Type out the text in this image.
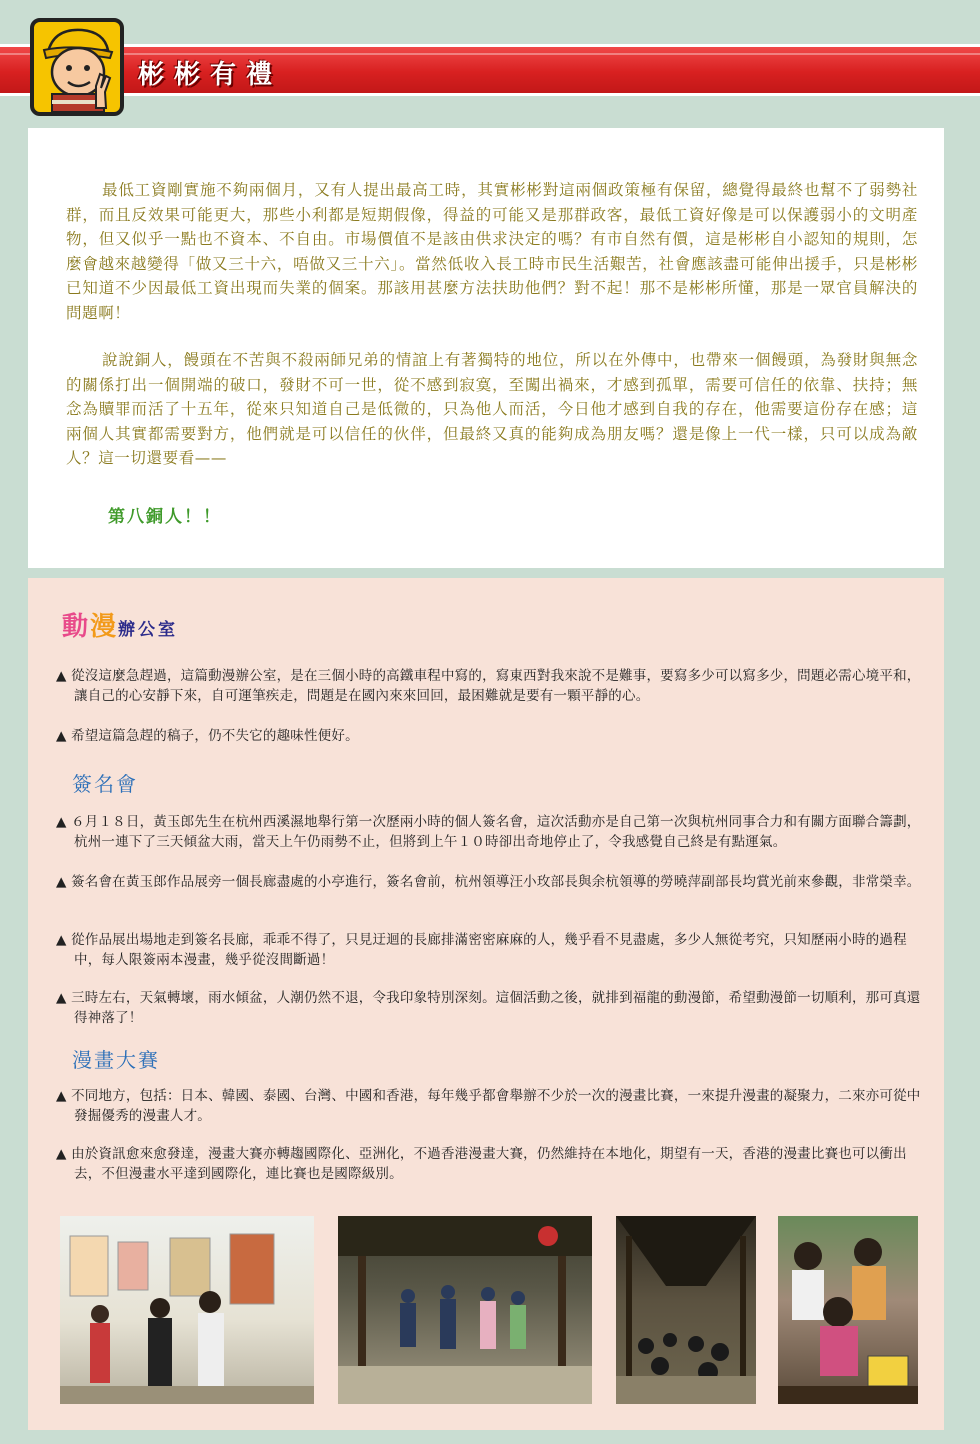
彬彬有禮

最低工資剛實施不夠兩個月，又有人提出最高工時，其實彬彬對這兩個政策極有保留，總覺得最終也幫不了弱勢社群，而且反效果可能更大，那些小利都是短期假像，得益的可能又是那群政客，最低工資好像是可以保護弱小的文明產物，但又似乎一點也不資本、不自由。市場價值不是該由供求決定的嗎？有市自然有價，這是彬彬自小認知的規則，怎麼會越來越變得「做又三十六，唔做又三十六」。當然低收入長工時市民生活艱苦，社會應該盡可能伸出援手，只是彬彬已知道不少因最低工資出現而失業的個案。那該用甚麼方法扶助他們？對不起！那不是彬彬所懂，那是一眾官員解決的問題啊！

說說銅人，饅頭在不苦與不殺兩師兄弟的情誼上有著獨特的地位，所以在外傳中，也帶來一個饅頭，為發財與無念的關係打出一個開端的破口，發財不可一世，從不感到寂寞，至闖出禍來，才感到孤單，需要可信任的依靠、扶持；無念為贖罪而活了十五年，從來只知道自己是低微的，只為他人而活，今日他才感到自我的存在，他需要這份存在感；這兩個人其實都需要對方，他們就是可以信任的伙伴，但最終又真的能夠成為朋友嗎？還是像上一代一樣，只可以成為敵人？這一切還要看——

第八銅人！！
動漫辦公室
▲ 從沒這麼急趕過，這篇動漫辦公室，是在三個小時的高鐵車程中寫的，寫東西對我來說不是難事，要寫多少可以寫多少，問題必需心境平和，讓自己的心安靜下來，自可運筆疾走，問題是在國內來來回回，最困難就是要有一顆平靜的心。
▲ 希望這篇急趕的稿子，仍不失它的趣味性便好。
簽名會
▲ ６月１８日，黃玉郎先生在杭州西溪濕地舉行第一次歷兩小時的個人簽名會，這次活動亦是自己第一次與杭州同事合力和有關方面聯合籌劃，杭州一連下了三天傾盆大雨，當天上午仍雨勢不止，但將到上午１０時卻出奇地停止了，令我感覺自己終是有點運氣。
▲ 簽名會在黃玉郎作品展旁一個長廊盡處的小亭進行，簽名會前，杭州領導汪小玫部長與余杭領導的勞曉萍副部長均賞光前來參觀，非常榮幸。
▲ 從作品展出場地走到簽名長廊，乖乖不得了，只見迂迴的長廊排滿密密麻麻的人，幾乎看不見盡處，多少人無從考究，只知歷兩小時的過程中，每人限簽兩本漫畫，幾乎從沒間斷過！
▲ 三時左右，天氣轉壞，雨水傾盆，人潮仍然不退，令我印象特別深刻。這個活動之後，就排到福龍的動漫節，希望動漫節一切順利，那可真還得神落了！
漫畫大賽
▲ 不同地方，包括：日本、韓國、泰國、台灣、中國和香港，每年幾乎都會舉辦不少於一次的漫畫比賽，一來提升漫畫的凝聚力，二來亦可從中發掘優秀的漫畫人才。
▲ 由於資訊愈來愈發達，漫畫大賽亦轉趨國際化、亞洲化，不過香港漫畫大賽，仍然維持在本地化，期望有一天，香港的漫畫比賽也可以衝出去，不但漫畫水平達到國際化，連比賽也是國際級別。
